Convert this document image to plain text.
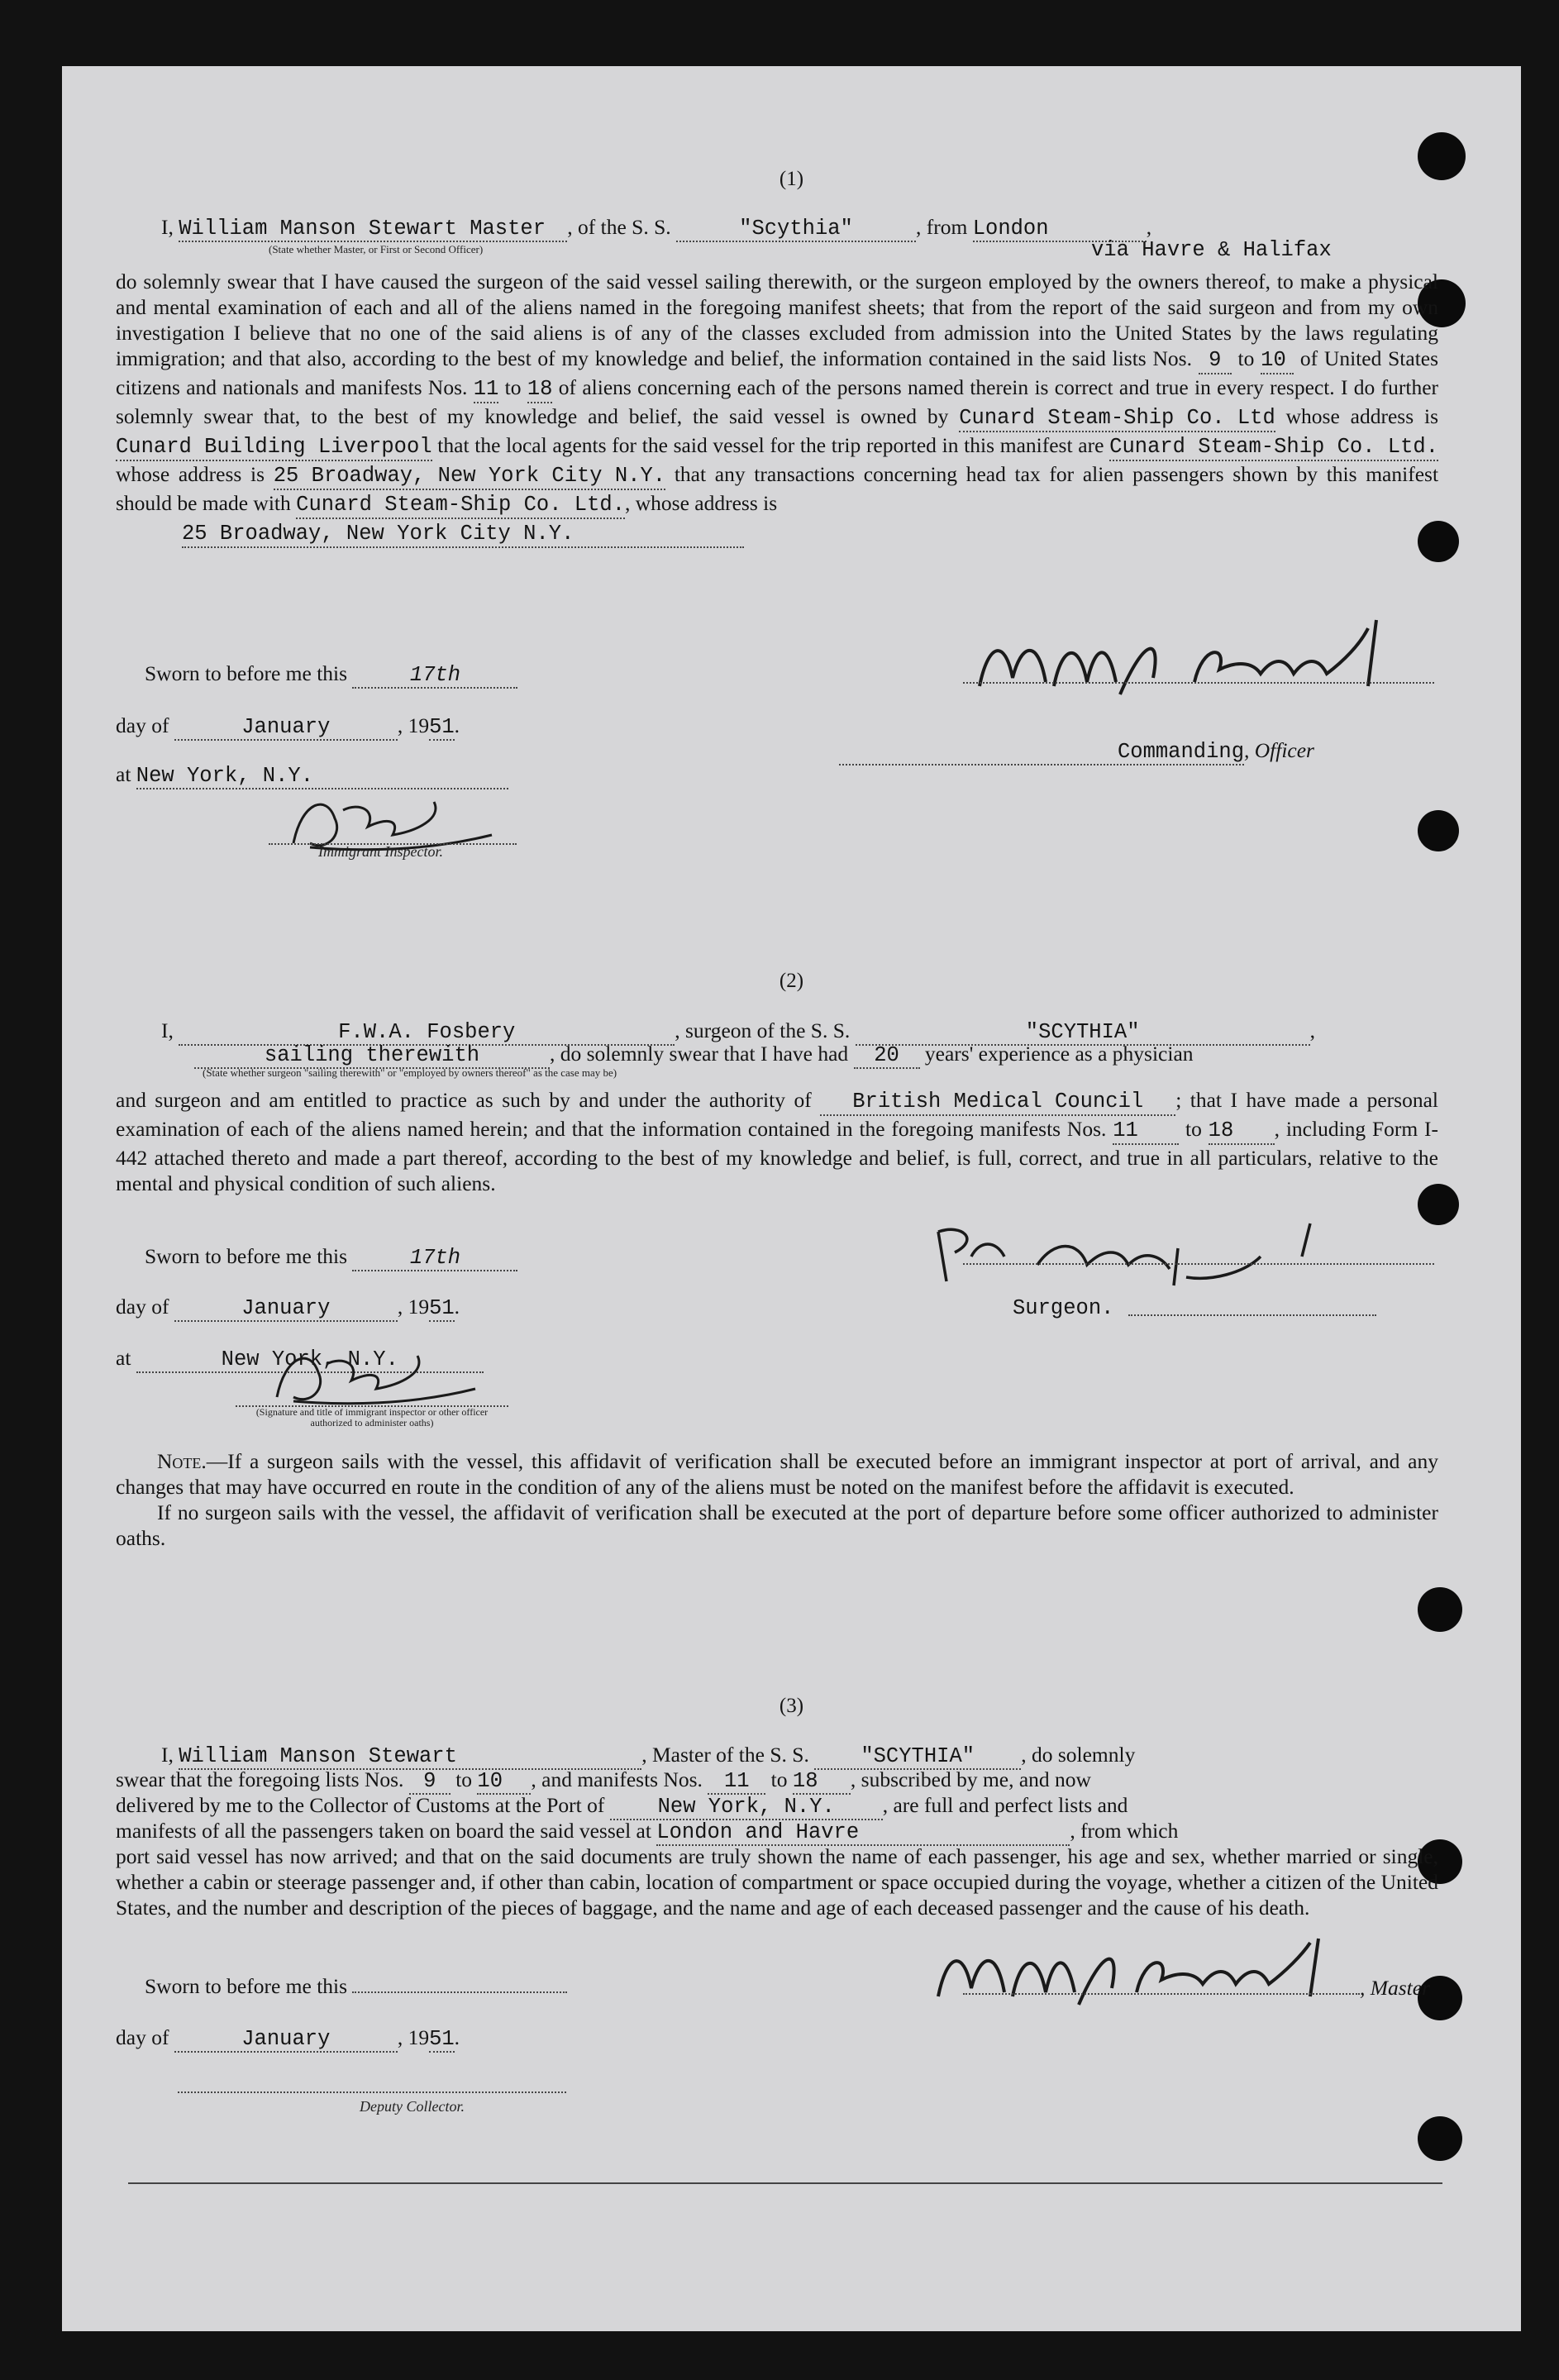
(1)
I, William Manson Stewart Master , of the S. S.	"Scythia"	, from London	,
(State whether Master, or First or Second Officer)	via Havre & Halifax

do solemnly swear that I have caused the surgeon of the said vessel sailing therewith, or the surgeon employed by the owners thereof, to make a physical and mental examination of each and all of the aliens named in the foregoing manifest sheets; that from the report of the said surgeon and from my own investigation I believe that no one of the said aliens is of any of the classes excluded from admission into the United States by the laws regulating immigration; and that also, according to the best of my knowledge and belief, the information contained in the said lists Nos. 9 to 10 of United States citizens and nationals and manifests Nos. 11 to 18 of aliens concerning each of the persons named therein is correct and true in every respect. I do further solemnly swear that, to the best of my knowledge and belief, the said vessel is owned by Cunard Steam-Ship Co. Ltd whose address is Cunard Building Liverpool that the local agents for the said vessel for the trip reported in this manifest are Cunard Steam-Ship Co. Ltd. whose address is 25 Broadway, New York City N.Y. that any transactions concerning head tax for alien passengers shown by this manifest should be made with Cunard Steam-Ship Co. Ltd., whose address is
25 Broadway, New York City N.Y.

Sworn to before me this	17th
day of	January	, 1951.
Commanding, Officer
at New York, N.Y.
Immigrant Inspector.
(2)
I,	F.W.A. Fosbery	, surgeon of the S. S.	"SCYTHIA"	,
sailing therewith	, do solemnly swear that I have had 20 years' experience as a physician
(State whether surgeon "sailing therewith" or "employed by owners thereof" as the case may be)

and surgeon and am entitled to practice as such by and under the authority of British Medical Council ; that I have made a personal examination of each of the aliens named herein; and that the information contained in the foregoing manifests Nos. 11 to 18 , including Form I-442 attached thereto and made a part thereof, according to the best of my knowledge and belief, is full, correct, and true in all particulars, relative to the mental and physical condition of such aliens.

Sworn to before me this	17th
day of	January	, 1951.	Surgeon.
at	New York, N.Y.
(Signature and title of immigrant inspector or other officer authorized to administer oaths)

Note.—If a surgeon sails with the vessel, this affidavit of verification shall be executed before an immigrant inspector at port of arrival, and any changes that may have occurred en route in the condition of any of the aliens must be noted on the manifest before the affidavit is executed.
If no surgeon sails with the vessel, the affidavit of verification shall be executed at the port of departure before some officer authorized to administer oaths.

(3)
I, William Manson Stewart	, Master of the S. S. "SCYTHIA" , do solemnly
swear that the foregoing lists Nos. 9 to 10 , and manifests Nos. 11 to 18 , subscribed by me, and now
delivered by me to the Collector of Customs at the Port of	New York, N.Y. , are full and perfect lists and
manifests of all the passengers taken on board the said vessel at London and Havre	, from which

port said vessel has now arrived; and that on the said documents are truly shown the name of each passenger, his age and sex, whether married or single, whether a cabin or steerage passenger and, if other than cabin, location of compartment or space occupied during the voyage, whether a citizen of the United States, and the number and description of the pieces of baggage, and the name and age of each deceased passenger and the cause of his death.

Sworn to before me this	, Master
day of	January	, 1951.
Deputy Collector.
